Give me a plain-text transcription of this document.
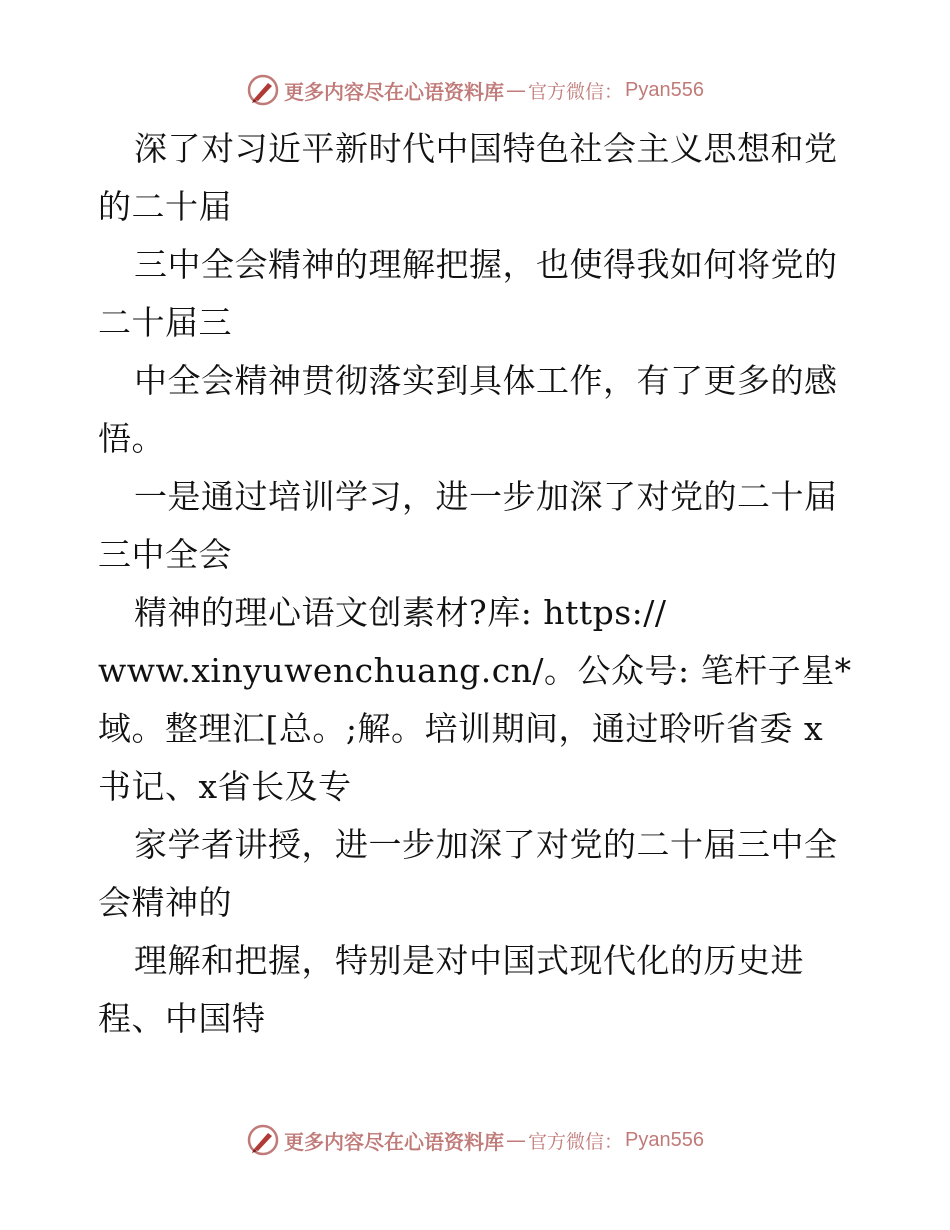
更多内容尽在心语资料库 — 官方微信： Pyan556
深了对习近平新时代中国特色社会主义思想和党
的二十届
三中全会精神的理解把握，也使得我如何将党的
二十届三
中全会精神贯彻落实到具体工作，有了更多的感
悟。
一是通过培训学习，进一步加深了对党的二十届
三中全会
精神的理心语文创素材?库: https://
www.xinyuwenchuang.cn/。公众号: 笔杆子星*
域。整理汇[总。;解。培训期间，通过聆听省委 x
书记、x省长及专
家学者讲授，进一步加深了对党的二十届三中全
会精神的
理解和把握，特别是对中国式现代化的历史进
程、中国特
更多内容尽在心语资料库 — 官方微信： Pyan556
